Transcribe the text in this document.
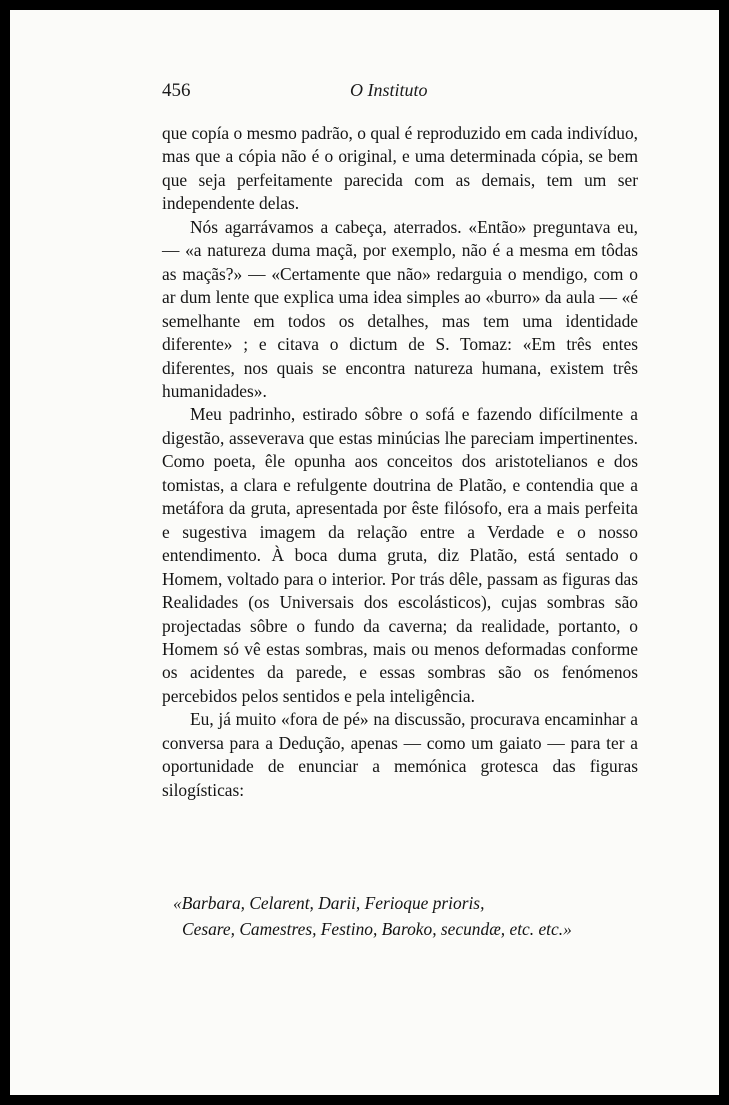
456	O Instituto

que copía o mesmo padrão, o qual é reproduzido em cada indivíduo, mas que a cópia não é o original, e uma determinada cópia, se bem que seja perfeitamente parecida com as demais, tem um ser independente delas.

Nós agarrávamos a cabeça, aterrados. «Então» preguntava eu, — «a natureza duma maçã, por exemplo, não é a mesma em tôdas as maçãs?» — «Certamente que não» redarguia o mendigo, com o ar dum lente que explica uma idea simples ao «burro» da aula — «é semelhante em todos os detalhes, mas tem uma identidade diferente» ; e citava o dictum de S. Tomaz: «Em três entes diferentes, nos quais se encontra natureza humana, existem três humanidades».

Meu padrinho, estirado sôbre o sofá e fazendo difícilmente a digestão, asseverava que estas minúcias lhe pareciam impertinentes. Como poeta, êle opunha aos conceitos dos aristotelianos e dos tomistas, a clara e refulgente doutrina de Platão, e contendia que a metáfora da gruta, apresentada por êste filósofo, era a mais perfeita e sugestiva imagem da relação entre a Verdade e o nosso entendimento. À boca duma gruta, diz Platão, está sentado o Homem, voltado para o interior. Por trás dêle, passam as figuras das Realidades (os Universais dos escolásticos), cujas sombras são projectadas sôbre o fundo da caverna; da realidade, portanto, o Homem só vê estas sombras, mais ou menos deformadas conforme os acidentes da parede, e essas sombras são os fenómenos percebidos pelos sentidos e pela inteligência.

Eu, já muito «fora de pé» na discussão, procurava encaminhar a conversa para a Dedução, apenas — como um gaiato — para ter a oportunidade de enunciar a memónica grotesca das figuras silogísticas:

«Barbara, Celarent, Darii, Ferioque prioris,
Cesare, Camestres, Festino, Baroko, secundæ, etc. etc.»
